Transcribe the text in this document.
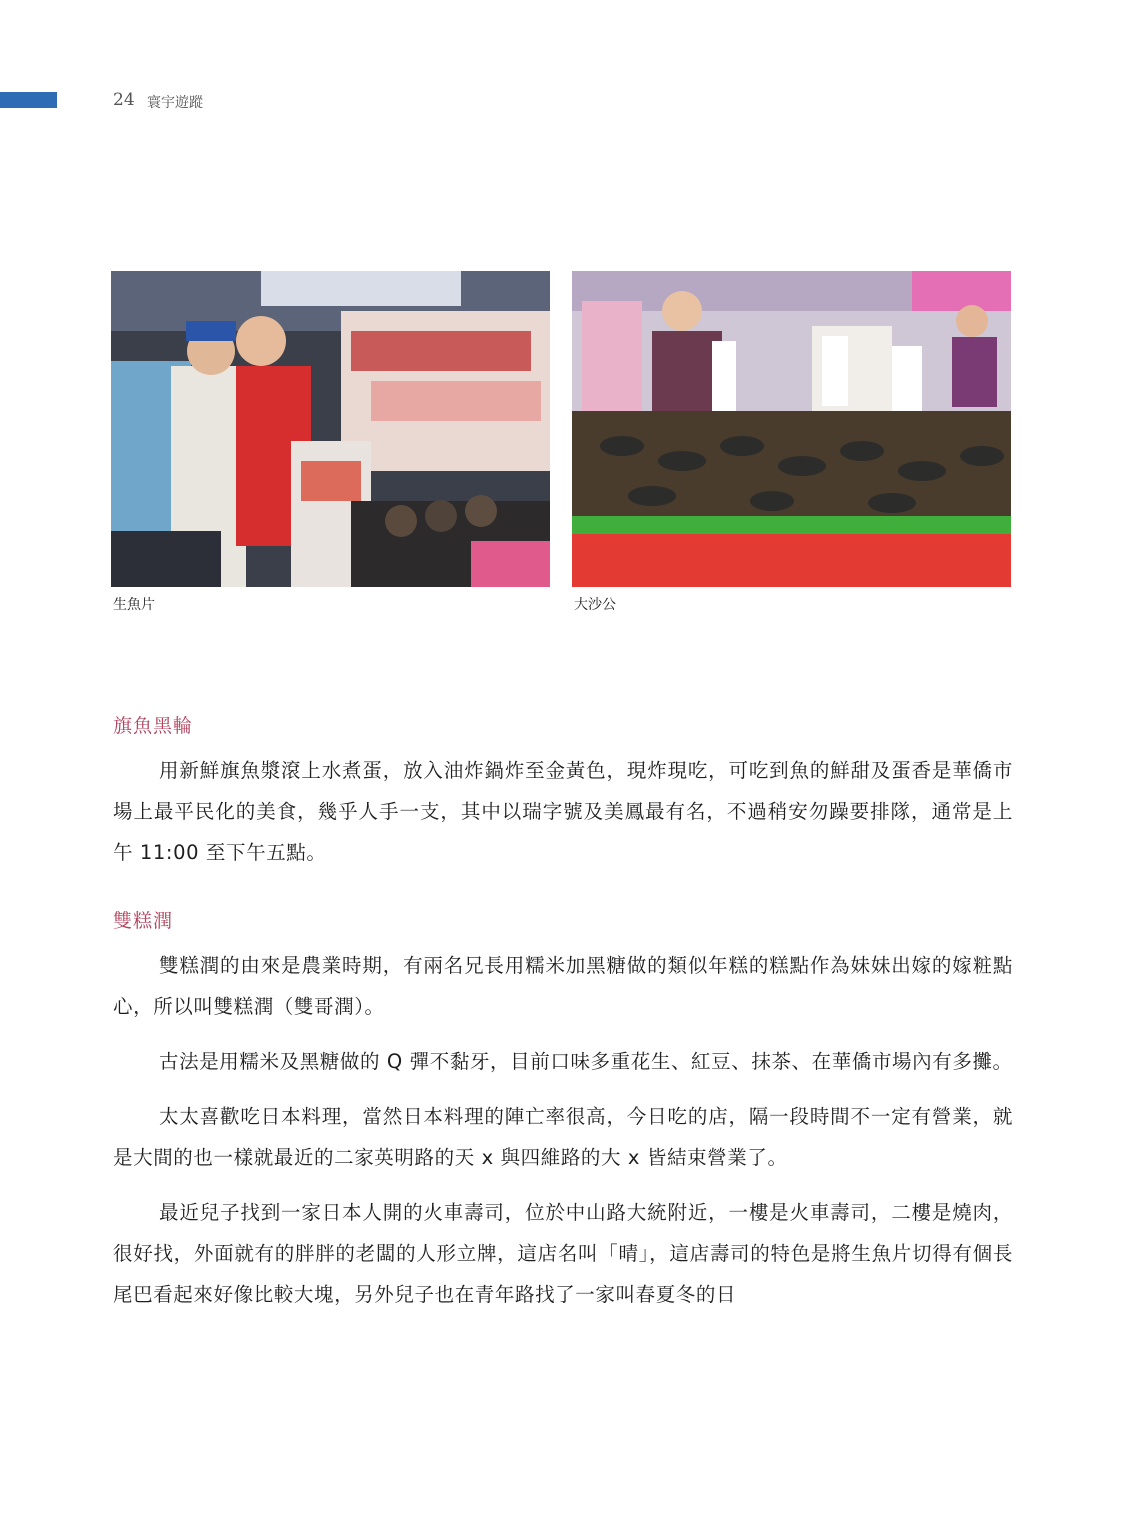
24 寰宇遊蹤
生魚片	大沙公
旗魚黑輪

用新鮮旗魚漿滾上水煮蛋，放入油炸鍋炸至金黃色，現炸現吃，可吃到魚的鮮甜及蛋香是華僑市場上最平民化的美食，幾乎人手一支，其中以瑞字號及美鳳最有名，不過稍安勿躁要排隊，通常是上午 11:00 至下午五點。

雙糕潤

雙糕潤的由來是農業時期，有兩名兄長用糯米加黑糖做的類似年糕的糕點作為妹妹出嫁的嫁粧點心，所以叫雙糕潤（雙哥潤）。

古法是用糯米及黑糖做的 Q 彈不黏牙，目前口味多重花生、紅豆、抹茶、在華僑市場內有多攤。

太太喜歡吃日本料理，當然日本料理的陣亡率很高，今日吃的店，隔一段時間不一定有營業，就是大間的也一樣就最近的二家英明路的天 x 與四維路的大 x 皆結束營業了。

最近兒子找到一家日本人開的火車壽司，位於中山路大統附近，一樓是火車壽司，二樓是燒肉，很好找，外面就有的胖胖的老闆的人形立牌，這店名叫「晴」，這店壽司的特色是將生魚片切得有個長尾巴看起來好像比較大塊，另外兒子也在青年路找了一家叫春夏冬的日
